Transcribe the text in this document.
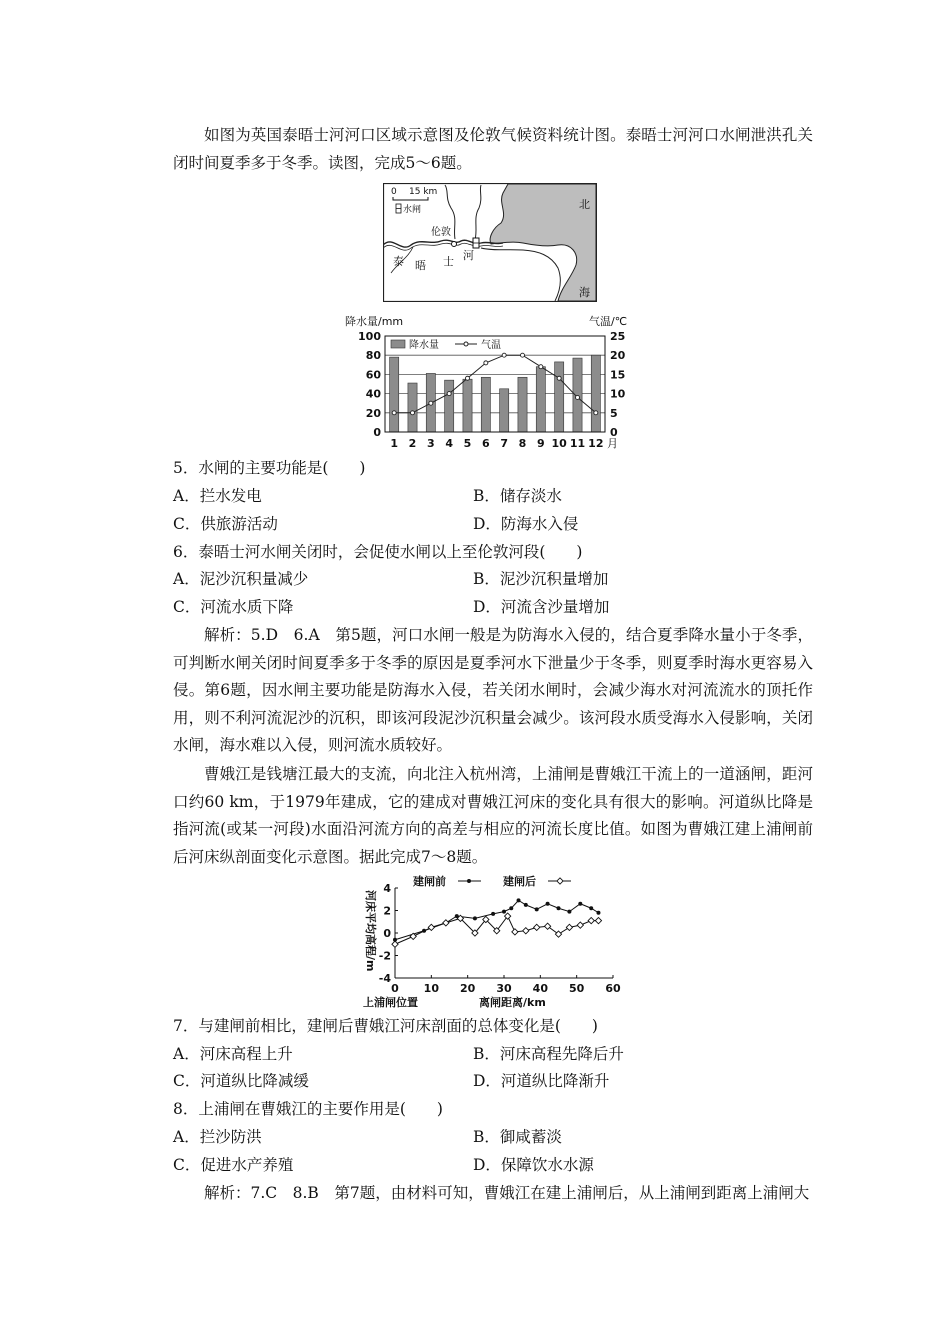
如图为英国泰晤士河河口区域示意图及伦敦气候资料统计图。泰晤士河河口水闸泄洪孔关闭时间夏季多于冬季。读图，完成5～6题。

0 15 km
水闸
伦敦
泰 晤 士 河
北
海
降水量/mm	气温/℃
0
20
40
60
80
100
0
5
10
15
20
25
1 2 3 4 5 6 7 8 9 10 11 12 月
降水量	气温

5．水闸的主要功能是(　　)

A．拦水发电	B．储存淡水

C．供旅游活动	D．防海水入侵

6．泰晤士河水闸关闭时，会促使水闸以上至伦敦河段(　　)

A．泥沙沉积量减少	B．泥沙沉积量增加

C．河流水质下降	D．河流含沙量增加

解析：5.D　6.A　第5题，河口水闸一般是为防海水入侵的，结合夏季降水量小于冬季，可判断水闸关闭时间夏季多于冬季的原因是夏季河水下泄量少于冬季，则夏季时海水更容易入侵。第6题，因水闸主要功能是防海水入侵，若关闭水闸时，会减少海水对河流流水的顶托作用，则不利河流泥沙的沉积，即该河段泥沙沉积量会减少。该河段水质受海水入侵影响，关闭水闸，海水难以入侵，则河流水质较好。

曹娥江是钱塘江最大的支流，向北注入杭州湾，上浦闸是曹娥江干流上的一道涵闸，距河口约60 km，于1979年建成，它的建成对曹娥江河床的变化具有很大的影响。河道纵比降是指河流(或某一河段)水面沿河流方向的高差与相应的河流长度比值。如图为曹娥江建上浦闸前后河床纵剖面变化示意图。据此完成7～8题。

河床平均高程/m
4
2
0
-2
-4
0 10 20 30 40 50 60
建闸前	建闸后
上浦闸位置	离闸距离/km

7．与建闸前相比，建闸后曹娥江河床剖面的总体变化是(　　)

A．河床高程上升	B．河床高程先降后升

C．河道纵比降减缓	D．河道纵比降渐升

8．上浦闸在曹娥江的主要作用是(　　)

A．拦沙防洪	B．御咸蓄淡

C．促进水产养殖	D．保障饮水水源

解析：7.C　8.B　第7题，由材料可知，曹娥江在建上浦闸后，从上浦闸到距离上浦闸大
